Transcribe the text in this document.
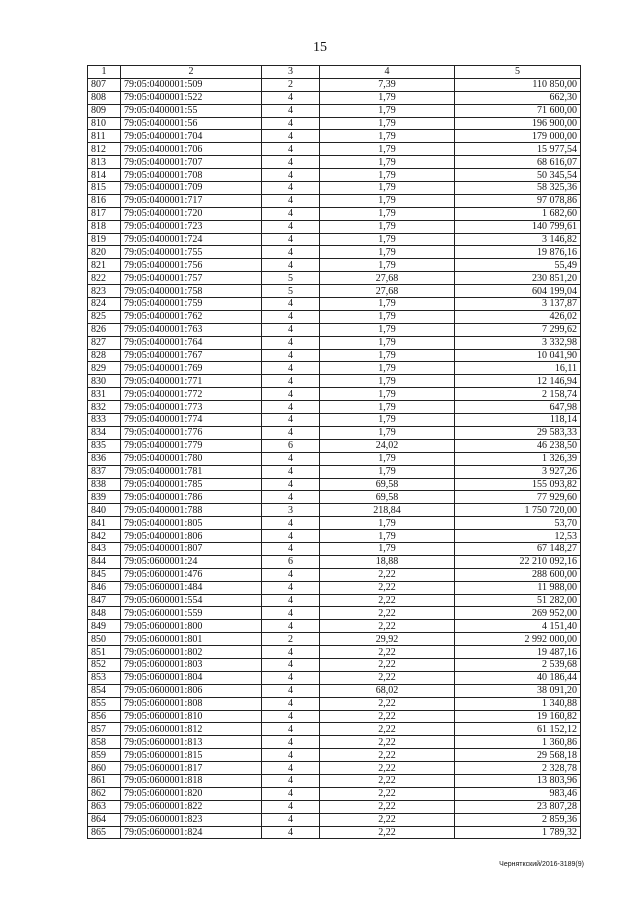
15
1	2	3	4	5
807	79:05:0400001:509	2	7,39	110 850,00
808	79:05:0400001:522	4	1,79	662,30
809	79:05:0400001:55	4	1,79	71 600,00
810	79:05:0400001:56	4	1,79	196 900,00
811	79:05:0400001:704	4	1,79	179 000,00
812	79:05:0400001:706	4	1,79	15 977,54
813	79:05:0400001:707	4	1,79	68 616,07
814	79:05:0400001:708	4	1,79	50 345,54
815	79:05:0400001:709	4	1,79	58 325,36
816	79:05:0400001:717	4	1,79	97 078,86
817	79:05:0400001:720	4	1,79	1 682,60
818	79:05:0400001:723	4	1,79	140 799,61
819	79:05:0400001:724	4	1,79	3 146,82
820	79:05:0400001:755	4	1,79	19 876,16
821	79:05:0400001:756	4	1,79	55,49
822	79:05:0400001:757	5	27,68	230 851,20
823	79:05:0400001:758	5	27,68	604 199,04
824	79:05:0400001:759	4	1,79	3 137,87
825	79:05:0400001:762	4	1,79	426,02
826	79:05:0400001:763	4	1,79	7 299,62
827	79:05:0400001:764	4	1,79	3 332,98
828	79:05:0400001:767	4	1,79	10 041,90
829	79:05:0400001:769	4	1,79	16,11
830	79:05:0400001:771	4	1,79	12 146,94
831	79:05:0400001:772	4	1,79	2 158,74
832	79:05:0400001:773	4	1,79	647,98
833	79:05:0400001:774	4	1,79	118,14
834	79:05:0400001:776	4	1,79	29 583,33
835	79:05:0400001:779	6	24,02	46 238,50
836	79:05:0400001:780	4	1,79	1 326,39
837	79:05:0400001:781	4	1,79	3 927,26
838	79:05:0400001:785	4	69,58	155 093,82
839	79:05:0400001:786	4	69,58	77 929,60
840	79:05:0400001:788	3	218,84	1 750 720,00
841	79:05:0400001:805	4	1,79	53,70
842	79:05:0400001:806	4	1,79	12,53
843	79:05:0400001:807	4	1,79	67 148,27
844	79:05:0600001:24	6	18,88	22 210 092,16
845	79:05:0600001:476	4	2,22	288 600,00
846	79:05:0600001:484	4	2,22	11 988,00
847	79:05:0600001:554	4	2,22	51 282,00
848	79:05:0600001:559	4	2,22	269 952,00
849	79:05:0600001:800	4	2,22	4 151,40
850	79:05:0600001:801	2	29,92	2 992 000,00
851	79:05:0600001:802	4	2,22	19 487,16
852	79:05:0600001:803	4	2,22	2 539,68
853	79:05:0600001:804	4	2,22	40 186,44
854	79:05:0600001:806	4	68,02	38 091,20
855	79:05:0600001:808	4	2,22	1 340,88
856	79:05:0600001:810	4	2,22	19 160,82
857	79:05:0600001:812	4	2,22	61 152,12
858	79:05:0600001:813	4	2,22	1 360,86
859	79:05:0600001:815	4	2,22	29 568,18
860	79:05:0600001:817	4	2,22	2 328,78
861	79:05:0600001:818	4	2,22	13 803,96
862	79:05:0600001:820	4	2,22	983,46
863	79:05:0600001:822	4	2,22	23 807,28
864	79:05:0600001:823	4	2,22	2 859,36
865	79:05:0600001:824	4	2,22	1 789,32
Черняткский/2016-3189(9)
